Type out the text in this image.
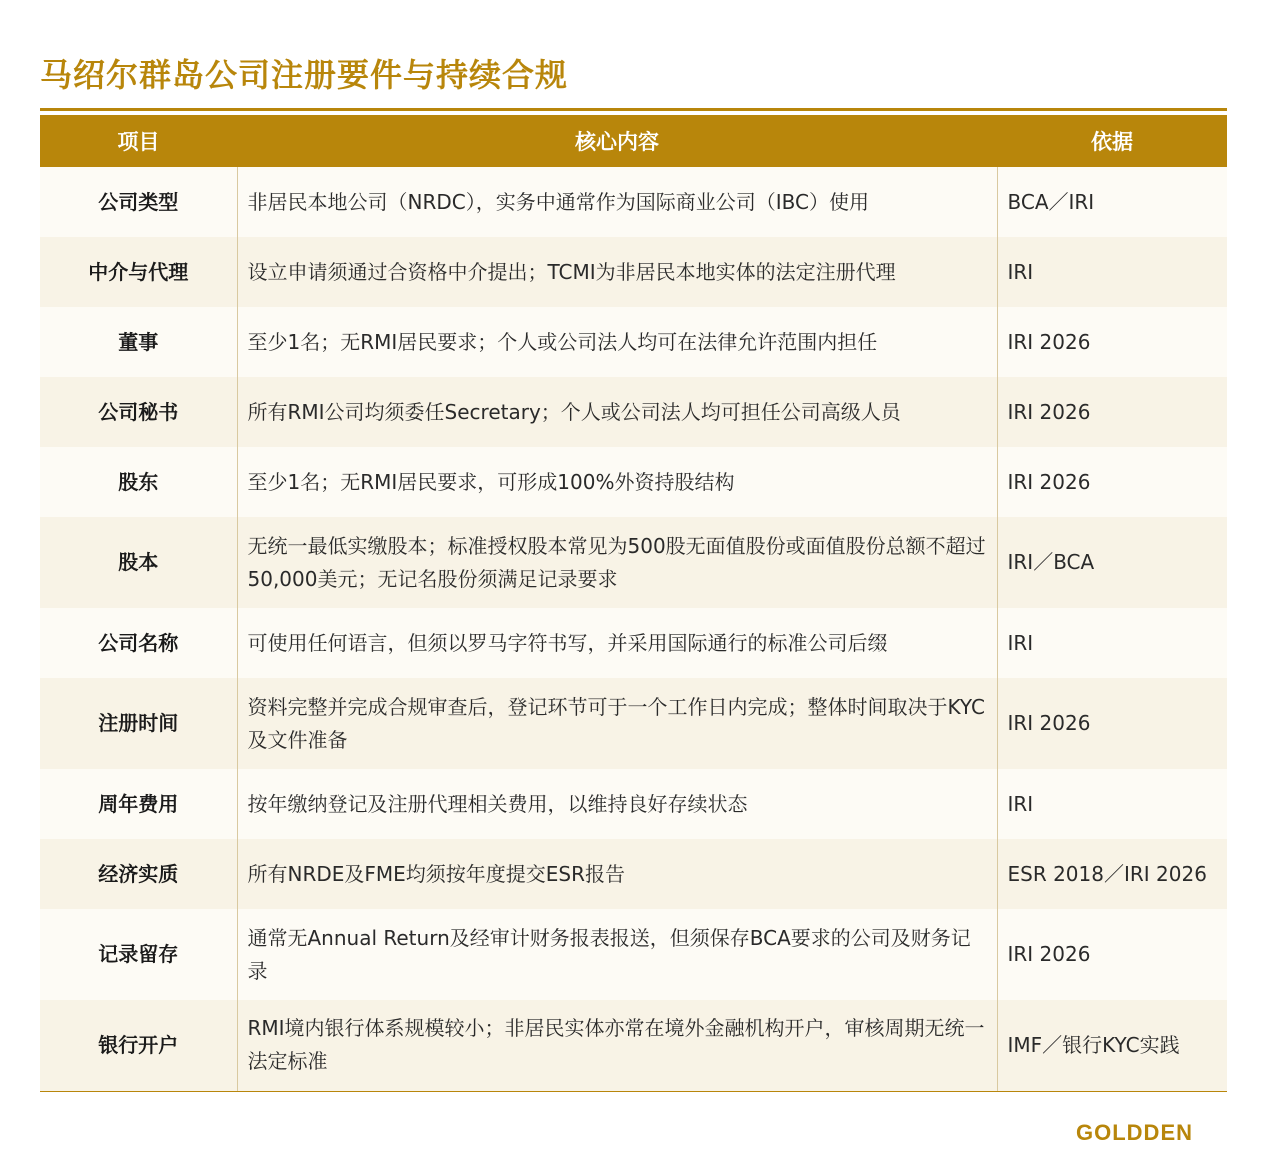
马绍尔群岛公司注册要件与持续合规
项目	核心内容	依据
公司类型	非居民本地公司（NRDC），实务中通常作为国际商业公司（IBC）使用	BCA／IRI
中介与代理	设立申请须通过合资格中介提出；TCMI为非居民本地实体的法定注册代理	IRI
董事	至少1名；无RMI居民要求；个人或公司法人均可在法律允许范围内担任	IRI 2026
公司秘书	所有RMI公司均须委任Secretary；个人或公司法人均可担任公司高级人员	IRI 2026
股东	至少1名；无RMI居民要求，可形成100%外资持股结构	IRI 2026
股本	无统一最低实缴股本；标准授权股本常见为500股无面值股份或面值股份总额不超过50,000美元；无记名股份须满足记录要求	IRI／BCA
公司名称	可使用任何语言，但须以罗马字符书写，并采用国际通行的标准公司后缀	IRI
注册时间	资料完整并完成合规审查后，登记环节可于一个工作日内完成；整体时间取决于KYC及文件准备	IRI 2026
周年费用	按年缴纳登记及注册代理相关费用，以维持良好存续状态	IRI
经济实质	所有NRDE及FME均须按年度提交ESR报告	ESR 2018／IRI 2026
记录留存	通常无Annual Return及经审计财务报表报送，但须保存BCA要求的公司及财务记录	IRI 2026
银行开户	RMI境内银行体系规模较小；非居民实体亦常在境外金融机构开户，审核周期无统一法定标准	IMF／银行KYC实践
GOLDDEN
